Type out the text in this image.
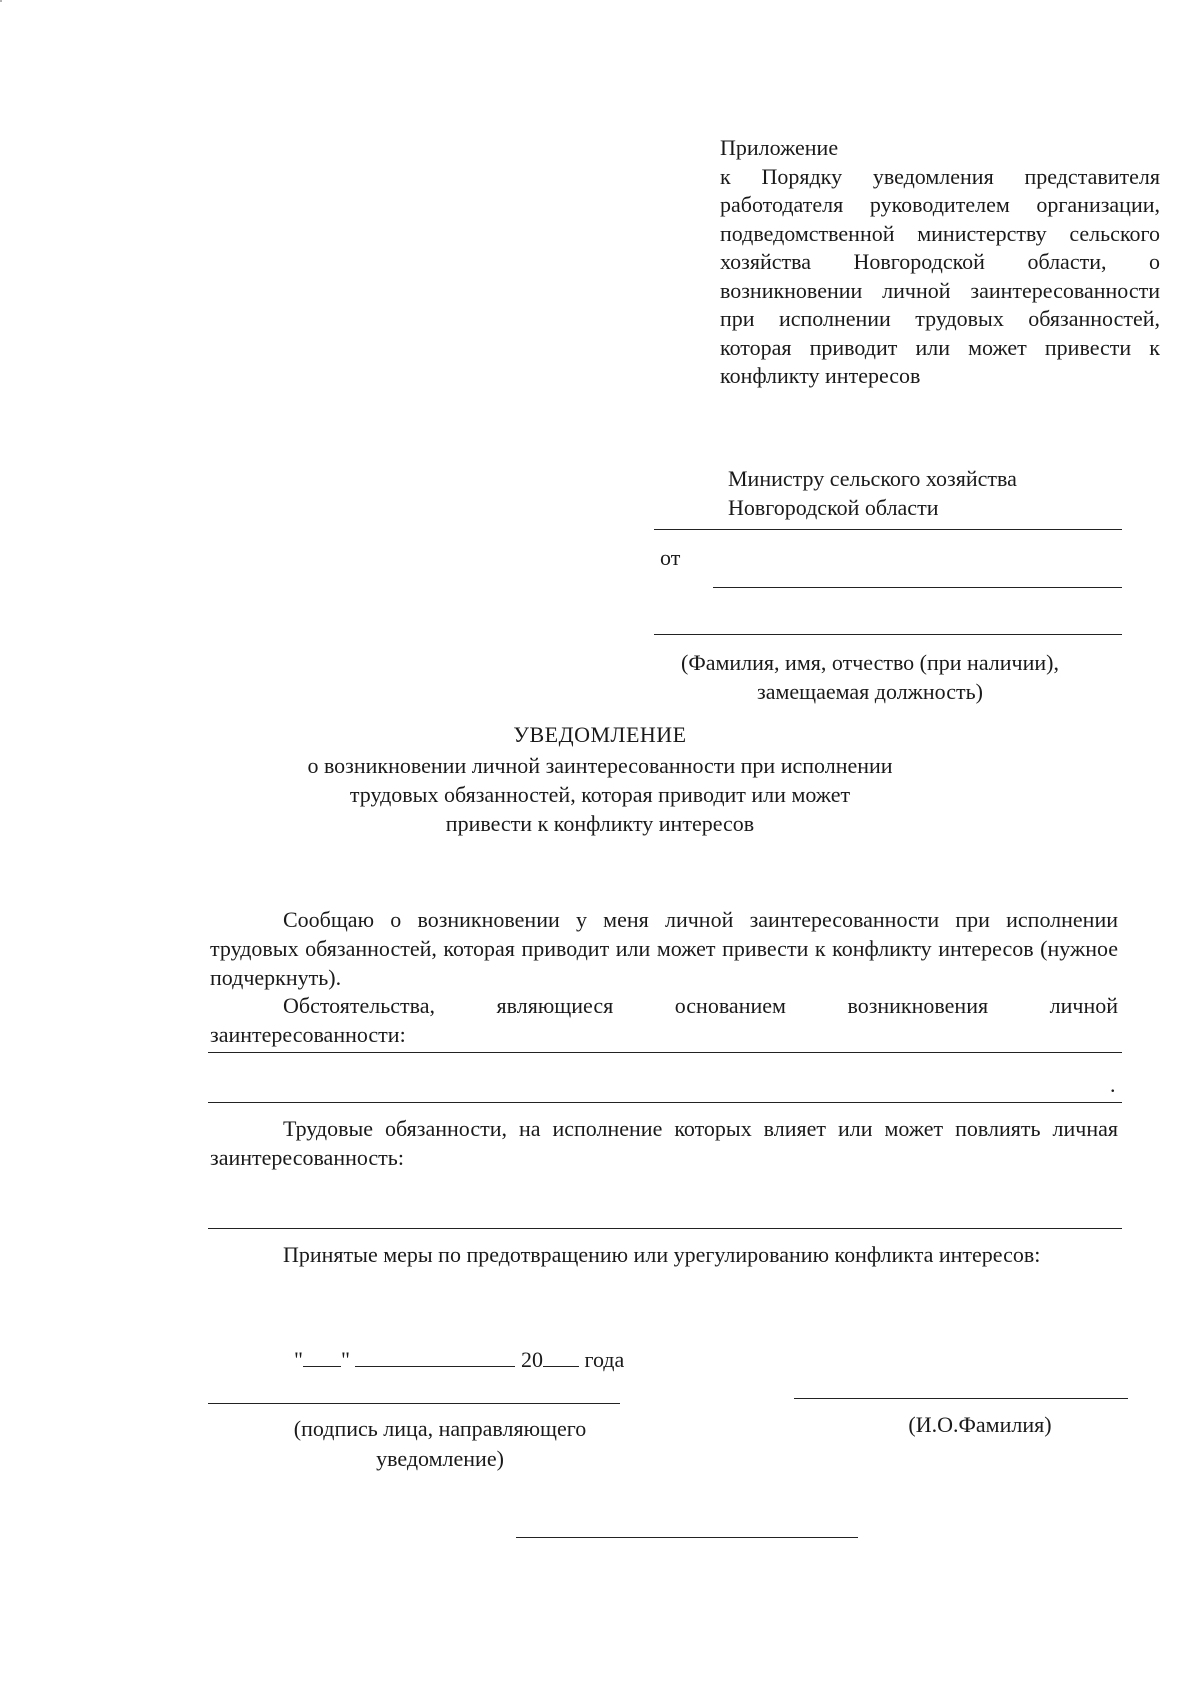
Приложение
к Порядку уведомления представителя работодателя руководителем организации, подведомственной министерству сельского хозяйства Новгородской области, о возникновении личной заинтересованности при исполнении трудовых обязанностей, которая приводит или может привести к конфликту интересов
Министру сельского хозяйства
Новгородской области
от
(Фамилия, имя, отчество (при наличии),
замещаемая должность)
УВЕДОМЛЕНИЕ
о возникновении личной заинтересованности при исполнении
трудовых обязанностей, которая приводит или может
привести к конфликту интересов
Сообщаю о возникновении у меня личной заинтересованности при исполнении трудовых обязанностей, которая приводит или может привести к конфликту интересов (нужное подчеркнуть).
Обстоятельства, являющиеся основанием возникновения личной
заинтересованности:
.
Трудовые обязанности, на исполнение которых влияет или может повлиять личная заинтересованность:
Принятые меры по предотвращению или урегулированию конфликта интересов:

" "	20 года

(подпись лица, направляющего
уведомление)
(И.О.Фамилия)
